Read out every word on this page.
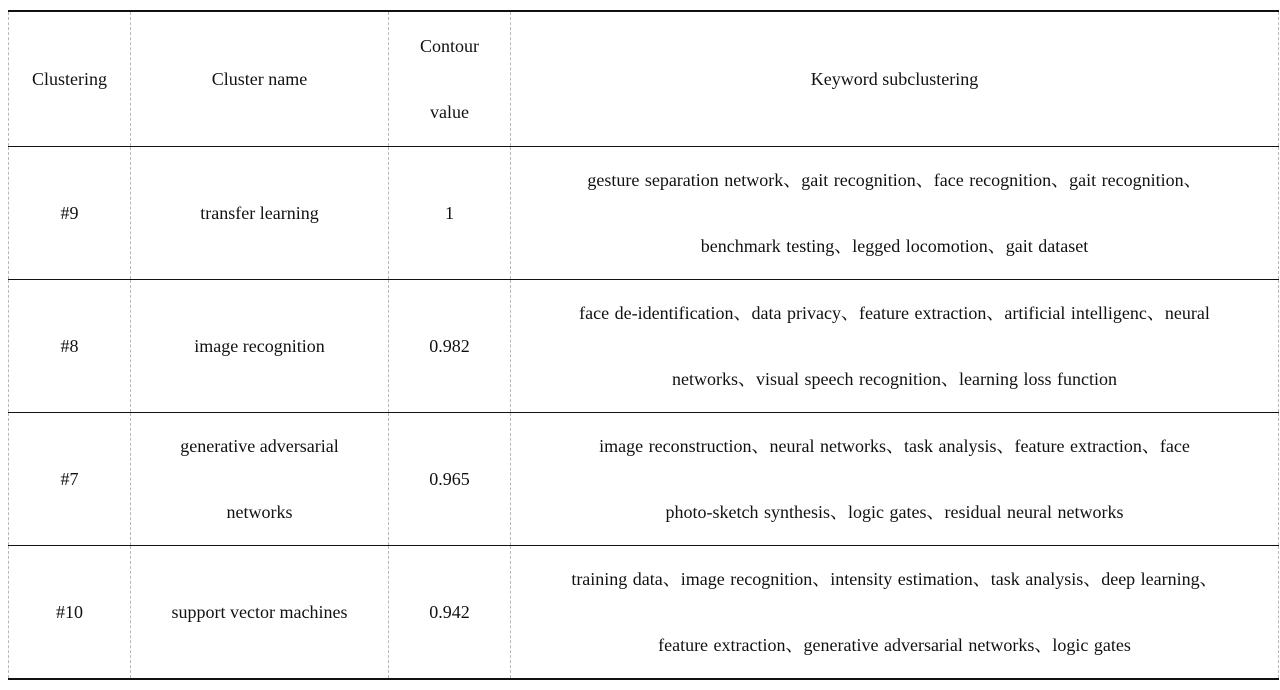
Clustering	Cluster name	Contour value	Keyword subclustering
#9	transfer learning	1	gesture separation network、gait recognition、face recognition、gait recognition、
benchmark testing、legged locomotion、gait dataset

#8	image recognition	0.982	face de-identification、data privacy、feature extraction、artificial intelligenc、neural
networks、visual speech recognition、learning loss function

#7	generative adversarial networks	0.965	image reconstruction、neural networks、task analysis、feature extraction、face
photo-sketch synthesis、logic gates、residual neural networks

#10	support vector machines	0.942	training data、image recognition、intensity estimation、task analysis、deep learning、
feature extraction、generative adversarial networks、logic gates
